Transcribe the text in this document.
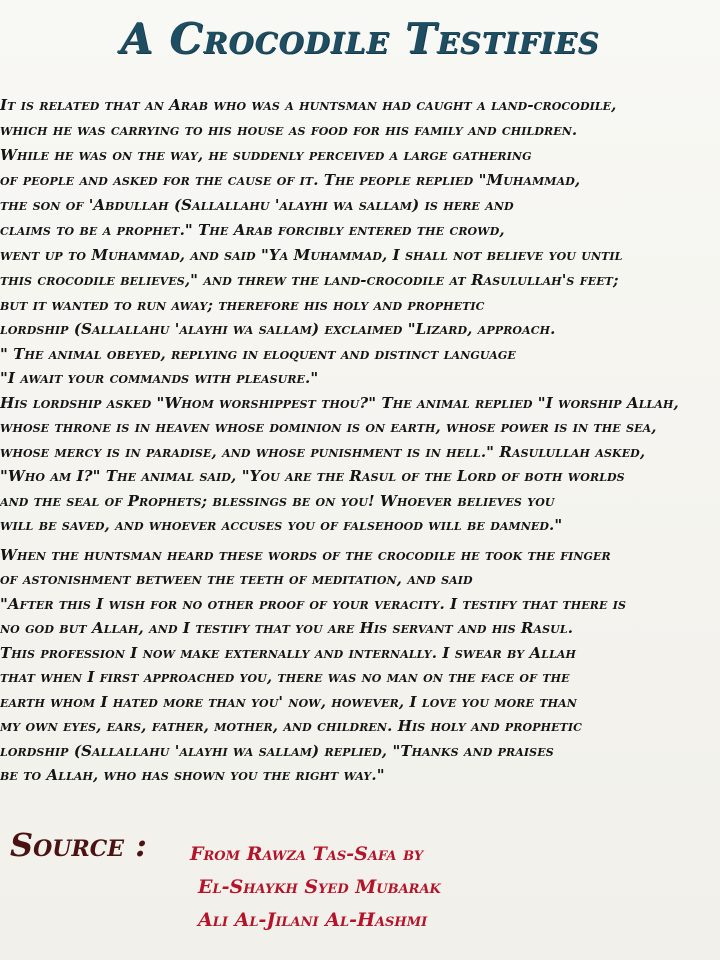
A Crocodile Testifies
It is related that an Arab who was a huntsman had caught a land-crocodile,
which he was carrying to his house as food for his family and children.
While he was on the way, he suddenly perceived a large gathering
of people and asked for the cause of it. The people replied "Muhammad,
the son of 'Abdullah (Sallallahu 'alayhi wa sallam) is here and
claims to be a prophet." The Arab forcibly entered the crowd,
went up to Muhammad, and said "Ya Muhammad, I shall not believe you until
this crocodile believes," and threw the land-crocodile at Rasulullah's feet;
but it wanted to run away; therefore his holy and prophetic
lordship (Sallallahu 'alayhi wa sallam) exclaimed "Lizard, approach.
" The animal obeyed, replying in eloquent and distinct language
"I await your commands with pleasure."
His lordship asked "Whom worshippest thou?" The animal replied "I worship Allah,
whose throne is in heaven whose dominion is on earth, whose power is in the sea,
whose mercy is in paradise, and whose punishment is in hell." Rasulullah asked,
"Who am I?" The animal said, "You are the Rasul of the Lord of both worlds
and the seal of Prophets; blessings be on you! Whoever believes you
will be saved, and whoever accuses you of falsehood will be damned."
When the huntsman heard these words of the crocodile he took the finger
of astonishment between the teeth of meditation, and said
"After this I wish for no other proof of your veracity. I testify that there is
no god but Allah, and I testify that you are His servant and his Rasul.
This profession I now make externally and internally. I swear by Allah
that when I first approached you, there was no man on the face of the
earth whom I hated more than you' now, however, I love you more than
my own eyes, ears, father, mother, and children. His holy and prophetic
lordship (Sallallahu 'alayhi wa sallam) replied, "Thanks and praises
be to Allah, who has shown you the right way."
Source : From Rawza Tas-Safa by
El-Shaykh Syed Mubarak
Ali Al-Jilani Al-Hashmi
